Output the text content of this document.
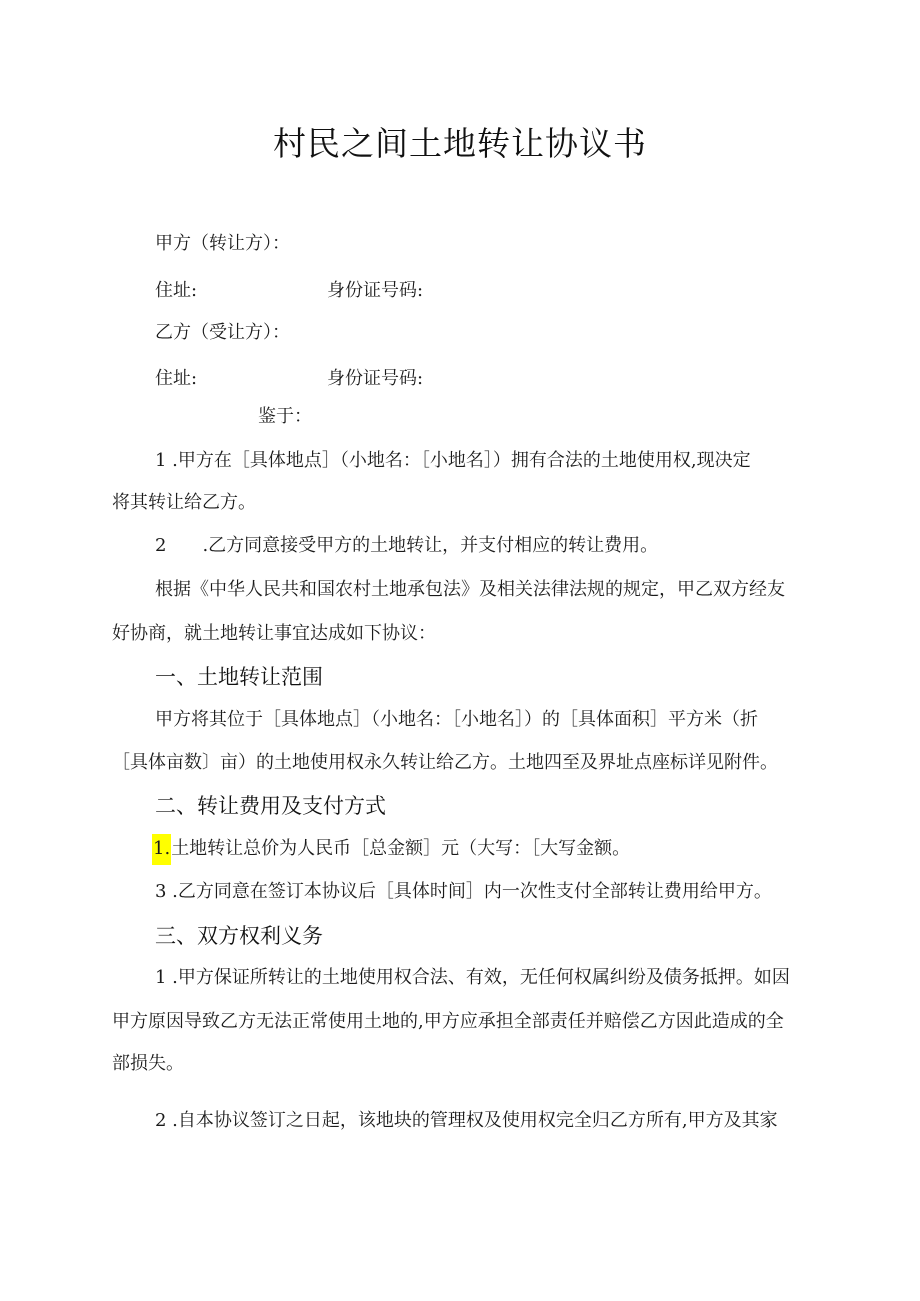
村民之间土地转让协议书
甲方（转让方）：
住址:	身份证号码:
乙方（受让方）：
住址:	身份证号码:
鉴于：
1 .甲方在［具体地点］（小地名：［小地名］）拥有合法的土地使用权,现决定
将其转让给乙方。
2　　.乙方同意接受甲方的土地转让，并支付相应的转让费用。
根据《中华人民共和国农村土地承包法》及相关法律法规的规定，甲乙双方经友
好协商，就土地转让事宜达成如下协议：
一、土地转让范围
甲方将其位于［具体地点］（小地名：［小地名］）的［具体面积］平方米（折
［具体亩数〕亩）的土地使用权永久转让给乙方。土地四至及界址点座标详见附件。
二、转让费用及支付方式
1.土地转让总价为人民币［总金额］元（大写：［大写金额。
3 .乙方同意在签订本协议后［具体时间］内一次性支付全部转让费用给甲方。
三、双方权利义务
1 .甲方保证所转让的土地使用权合法、有效，无任何权属纠纷及债务抵押。如因
甲方原因导致乙方无法正常使用土地的,甲方应承担全部责任并赔偿乙方因此造成的全
部损失。
2 .自本协议签订之日起，该地块的管理权及使用权完全归乙方所有,甲方及其家
